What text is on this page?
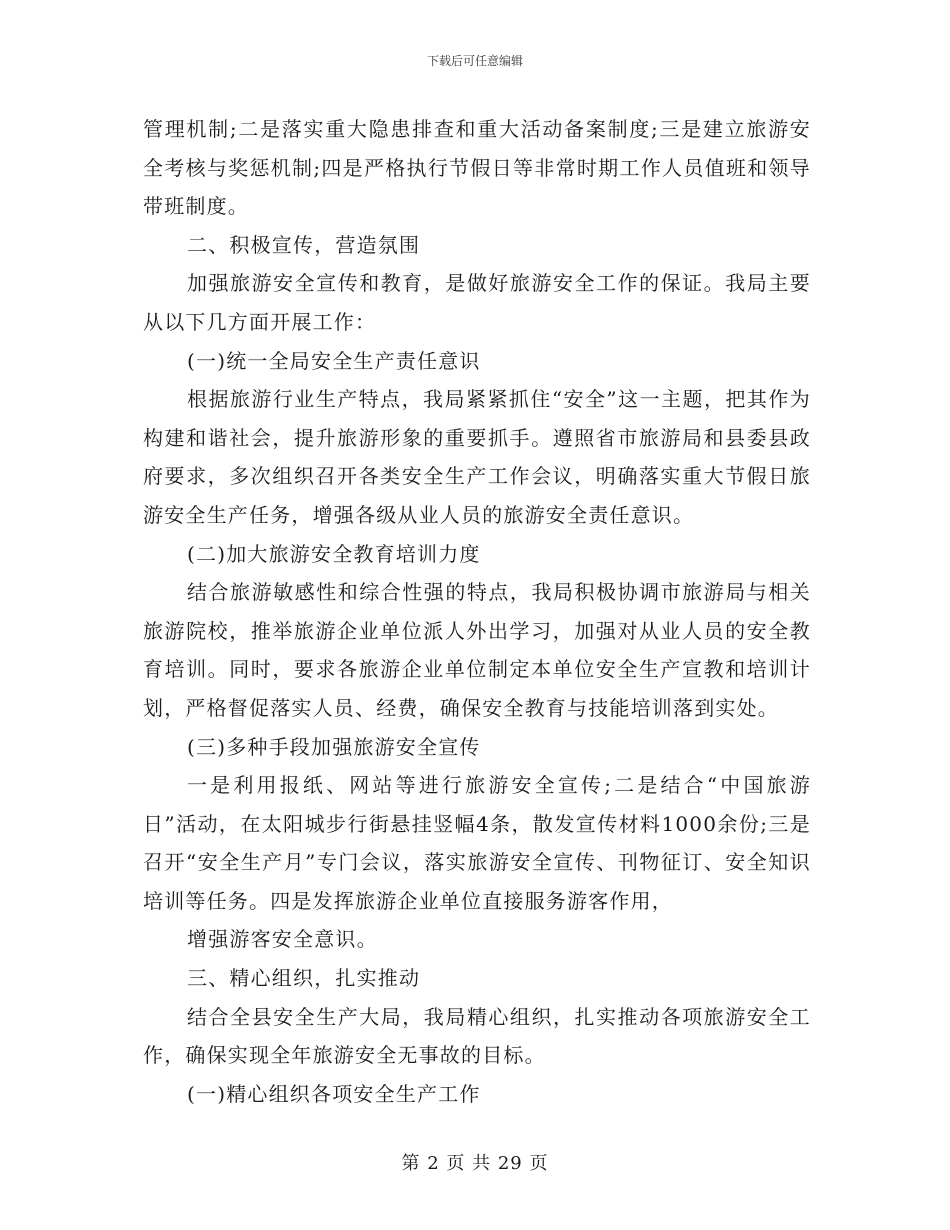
下载后可任意编辑

管理机制;二是落实重大隐患排查和重大活动备案制度;三是建立旅游安全考核与奖惩机制;四是严格执行节假日等非常时期工作人员值班和领导带班制度。

二、积极宣传，营造氛围

加强旅游安全宣传和教育，是做好旅游安全工作的保证。我局主要从以下几方面开展工作：

(一)统一全局安全生产责任意识

根据旅游行业生产特点，我局紧紧抓住“安全”这一主题，把其作为构建和谐社会，提升旅游形象的重要抓手。遵照省市旅游局和县委县政府要求，多次组织召开各类安全生产工作会议，明确落实重大节假日旅游安全生产任务，增强各级从业人员的旅游安全责任意识。

(二)加大旅游安全教育培训力度

结合旅游敏感性和综合性强的特点，我局积极协调市旅游局与相关旅游院校，推举旅游企业单位派人外出学习，加强对从业人员的安全教育培训。同时，要求各旅游企业单位制定本单位安全生产宣教和培训计划，严格督促落实人员、经费，确保安全教育与技能培训落到实处。

(三)多种手段加强旅游安全宣传

一是利用报纸、网站等进行旅游安全宣传;二是结合“中国旅游日”活动，在太阳城步行街悬挂竖幅4条，散发宣传材料1000余份;三是召开“安全生产月”专门会议，落实旅游安全宣传、刊物征订、安全知识培训等任务。四是发挥旅游企业单位直接服务游客作用，

增强游客安全意识。

三、精心组织，扎实推动

结合全县安全生产大局，我局精心组织，扎实推动各项旅游安全工作，确保实现全年旅游安全无事故的目标。

(一)精心组织各项安全生产工作

第 2 页 共 29 页
